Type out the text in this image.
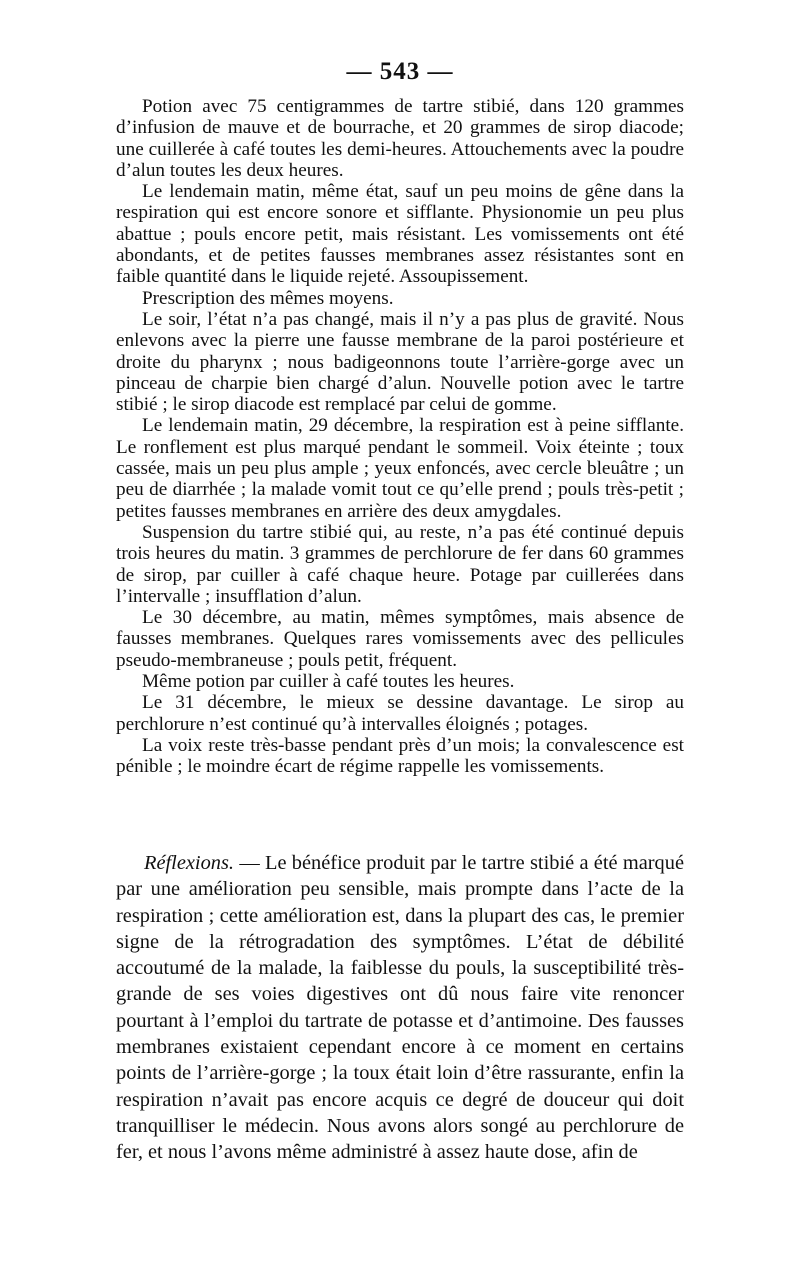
— 543 —

Potion avec 75 centigrammes de tartre stibié, dans 120 grammes d’infusion de mauve et de bourrache, et 20 grammes de sirop diacode; une cuillerée à café toutes les demi-heures. Attouchements avec la poudre d’alun toutes les deux heures.

Le lendemain matin, même état, sauf un peu moins de gêne dans la respiration qui est encore sonore et sifflante. Physionomie un peu plus abattue ; pouls encore petit, mais résistant. Les vomissements ont été abondants, et de petites fausses membranes assez résistantes sont en faible quantité dans le liquide rejeté. Assoupissement.

Prescription des mêmes moyens.

Le soir, l’état n’a pas changé, mais il n’y a pas plus de gravité. Nous enlevons avec la pierre une fausse membrane de la paroi postérieure et droite du pharynx ; nous badigeonnons toute l’arrière-gorge avec un pinceau de charpie bien chargé d’alun. Nouvelle potion avec le tartre stibié ; le sirop diacode est remplacé par celui de gomme.

Le lendemain matin, 29 décembre, la respiration est à peine sifflante. Le ronflement est plus marqué pendant le sommeil. Voix éteinte ; toux cassée, mais un peu plus ample ; yeux enfoncés, avec cercle bleuâtre ; un peu de diarrhée ; la malade vomit tout ce qu’elle prend ; pouls très-petit ; petites fausses membranes en arrière des deux amygdales.

Suspension du tartre stibié qui, au reste, n’a pas été continué depuis trois heures du matin. 3 grammes de perchlorure de fer dans 60 grammes de sirop, par cuiller à café chaque heure. Potage par cuillerées dans l’intervalle ; insufflation d’alun.

Le 30 décembre, au matin, mêmes symptômes, mais absence de fausses membranes. Quelques rares vomissements avec des pellicules pseudo-membraneuse ; pouls petit, fréquent.

Même potion par cuiller à café toutes les heures.

Le 31 décembre, le mieux se dessine davantage. Le sirop au perchlorure n’est continué qu’à intervalles éloignés ; potages.

La voix reste très-basse pendant près d’un mois; la convalescence est pénible ; le moindre écart de régime rappelle les vomissements.

Réflexions. — Le bénéfice produit par le tartre stibié a été marqué par une amélioration peu sensible, mais prompte dans l’acte de la respiration ; cette amélioration est, dans la plupart des cas, le premier signe de la rétrogradation des symptômes. L’état de débilité accoutumé de la malade, la faiblesse du pouls, la susceptibilité très-grande de ses voies digestives ont dû nous faire vite renoncer pourtant à l’emploi du tartrate de potasse et d’antimoine. Des fausses membranes existaient cependant encore à ce moment en certains points de l’arrière-gorge ; la toux était loin d’être rassurante, enfin la respiration n’avait pas encore acquis ce degré de douceur qui doit tranquilliser le médecin. Nous avons alors songé au perchlorure de fer, et nous l’avons même administré à assez haute dose, afin de
